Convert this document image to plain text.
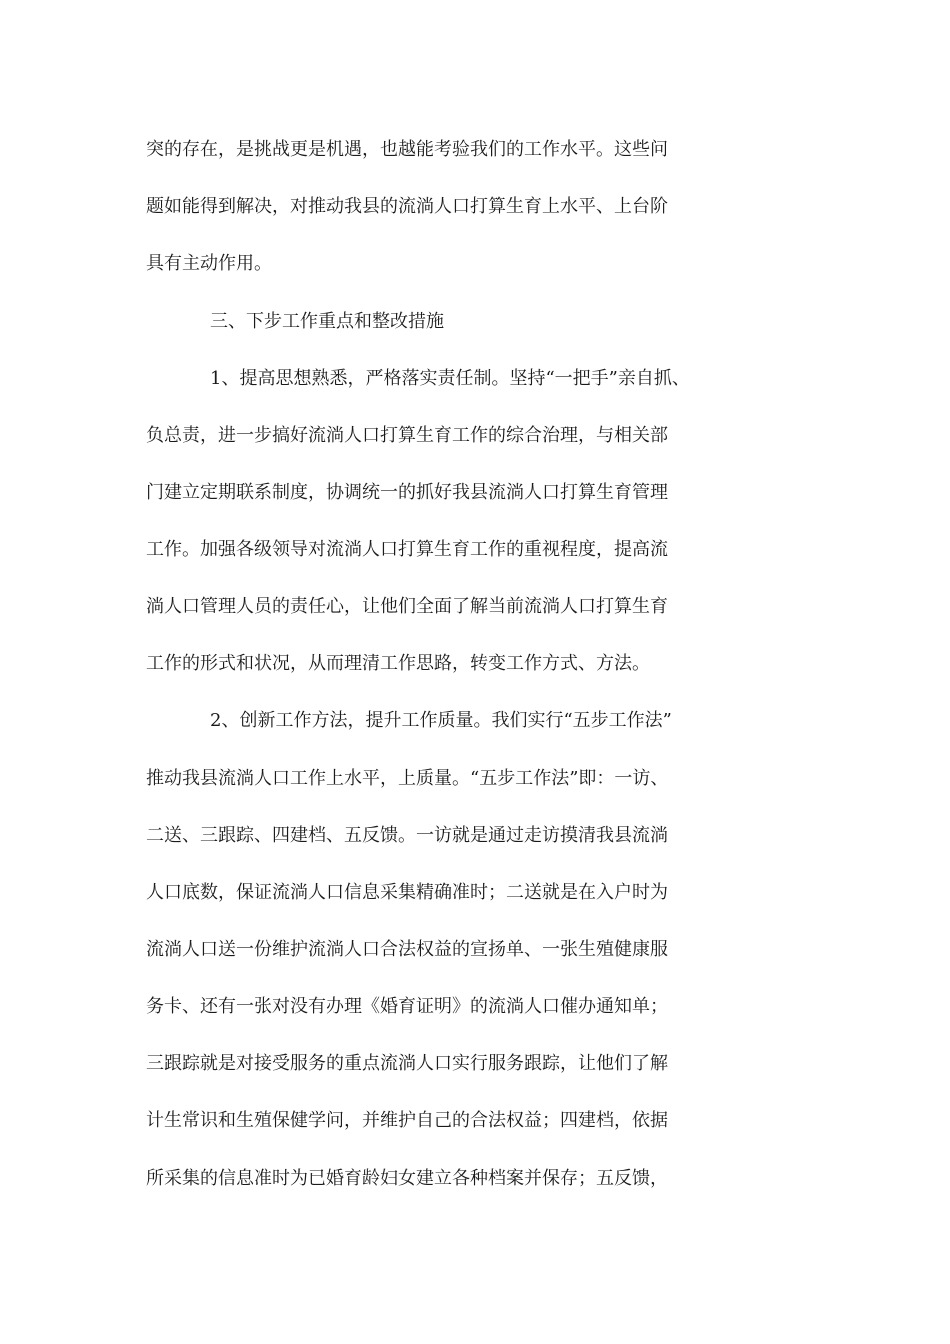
突的存在，是挑战更是机遇，也越能考验我们的工作水平。这些问
题如能得到解决，对推动我县的流淌人口打算生育上水平、上台阶
具有主动作用。
三、下步工作重点和整改措施
1、提高思想熟悉，严格落实责任制。坚持“一把手”亲自抓、
负总责，进一步搞好流淌人口打算生育工作的综合治理，与相关部
门建立定期联系制度，协调统一的抓好我县流淌人口打算生育管理
工作。加强各级领导对流淌人口打算生育工作的重视程度，提高流
淌人口管理人员的责任心，让他们全面了解当前流淌人口打算生育
工作的形式和状况，从而理清工作思路，转变工作方式、方法。
2、创新工作方法，提升工作质量。我们实行“五步工作法”
推动我县流淌人口工作上水平，上质量。“五步工作法”即：一访、
二送、三跟踪、四建档、五反馈。一访就是通过走访摸清我县流淌
人口底数，保证流淌人口信息采集精确准时；二送就是在入户时为
流淌人口送一份维护流淌人口合法权益的宣扬单、一张生殖健康服
务卡、还有一张对没有办理《婚育证明》的流淌人口催办通知单；
三跟踪就是对接受服务的重点流淌人口实行服务跟踪，让他们了解
计生常识和生殖保健学问，并维护自己的合法权益；四建档，依据
所采集的信息准时为已婚育龄妇女建立各种档案并保存；五反馈，
